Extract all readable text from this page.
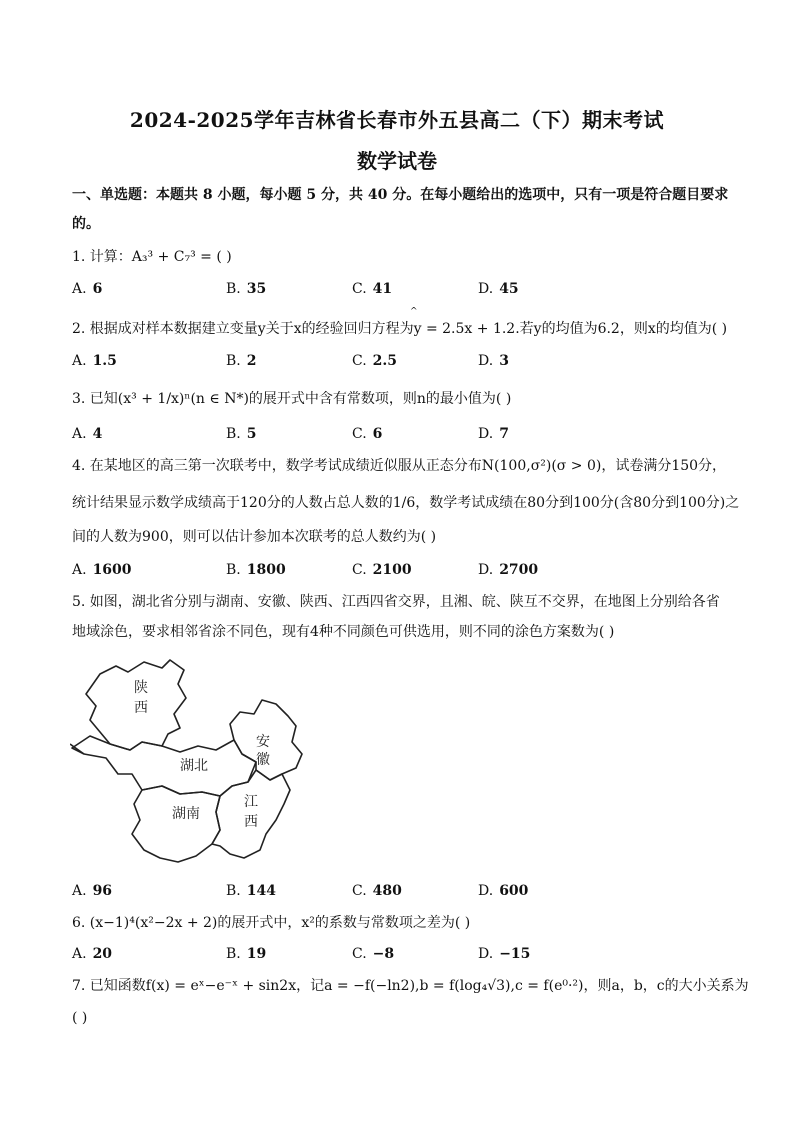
2024-2025学年吉林省长春市外五县高二（下）期末考试
数学试卷
一、单选题：本题共 8 小题，每小题 5 分，共 40 分。在每小题给出的选项中，只有一项是符合题目要求
的。
1. 计算：A₃³ + C₇³ = ( )
A. 6	B. 35	C. 41	D. 45
^
2. 根据成对样本数据建立变量y关于x的经验回归方程为y = 2.5x + 1.2.若y的均值为6.2，则x的均值为( )
A. 1.5	B. 2	C. 2.5	D. 3
3. 已知(x³ + 1/x)ⁿ(n ∈ N*)的展开式中含有常数项，则n的最小值为( )
A. 4	B. 5	C. 6	D. 7
4. 在某地区的高三第一次联考中，数学考试成绩近似服从正态分布N(100,σ²)(σ > 0)，试卷满分150分，
统计结果显示数学成绩高于120分的人数占总人数的1/6，数学考试成绩在80分到100分(含80分到100分)之
间的人数为900，则可以估计参加本次联考的总人数约为( )
A. 1600	B. 1800	C. 2100	D. 2700
5. 如图，湖北省分别与湖南、安徽、陕西、江西四省交界，且湘、皖、陕互不交界，在地图上分别给各省
地域涂色，要求相邻省涂不同色，现有4种不同颜色可供选用，则不同的涂色方案数为( )
陕
西
安
徽
湖北
湖南
江
西
A. 96	B. 144	C. 480	D. 600
6. (x−1)⁴(x²−2x + 2)的展开式中，x²的系数与常数项之差为( )
A. 20	B. 19	C. −8	D. −15
7. 已知函数f(x) = eˣ−e⁻ˣ + sin2x，记a = −f(−ln2),b = f(log₄√3),c = f(e⁰·²)，则a，b，c的大小关系为
( )
